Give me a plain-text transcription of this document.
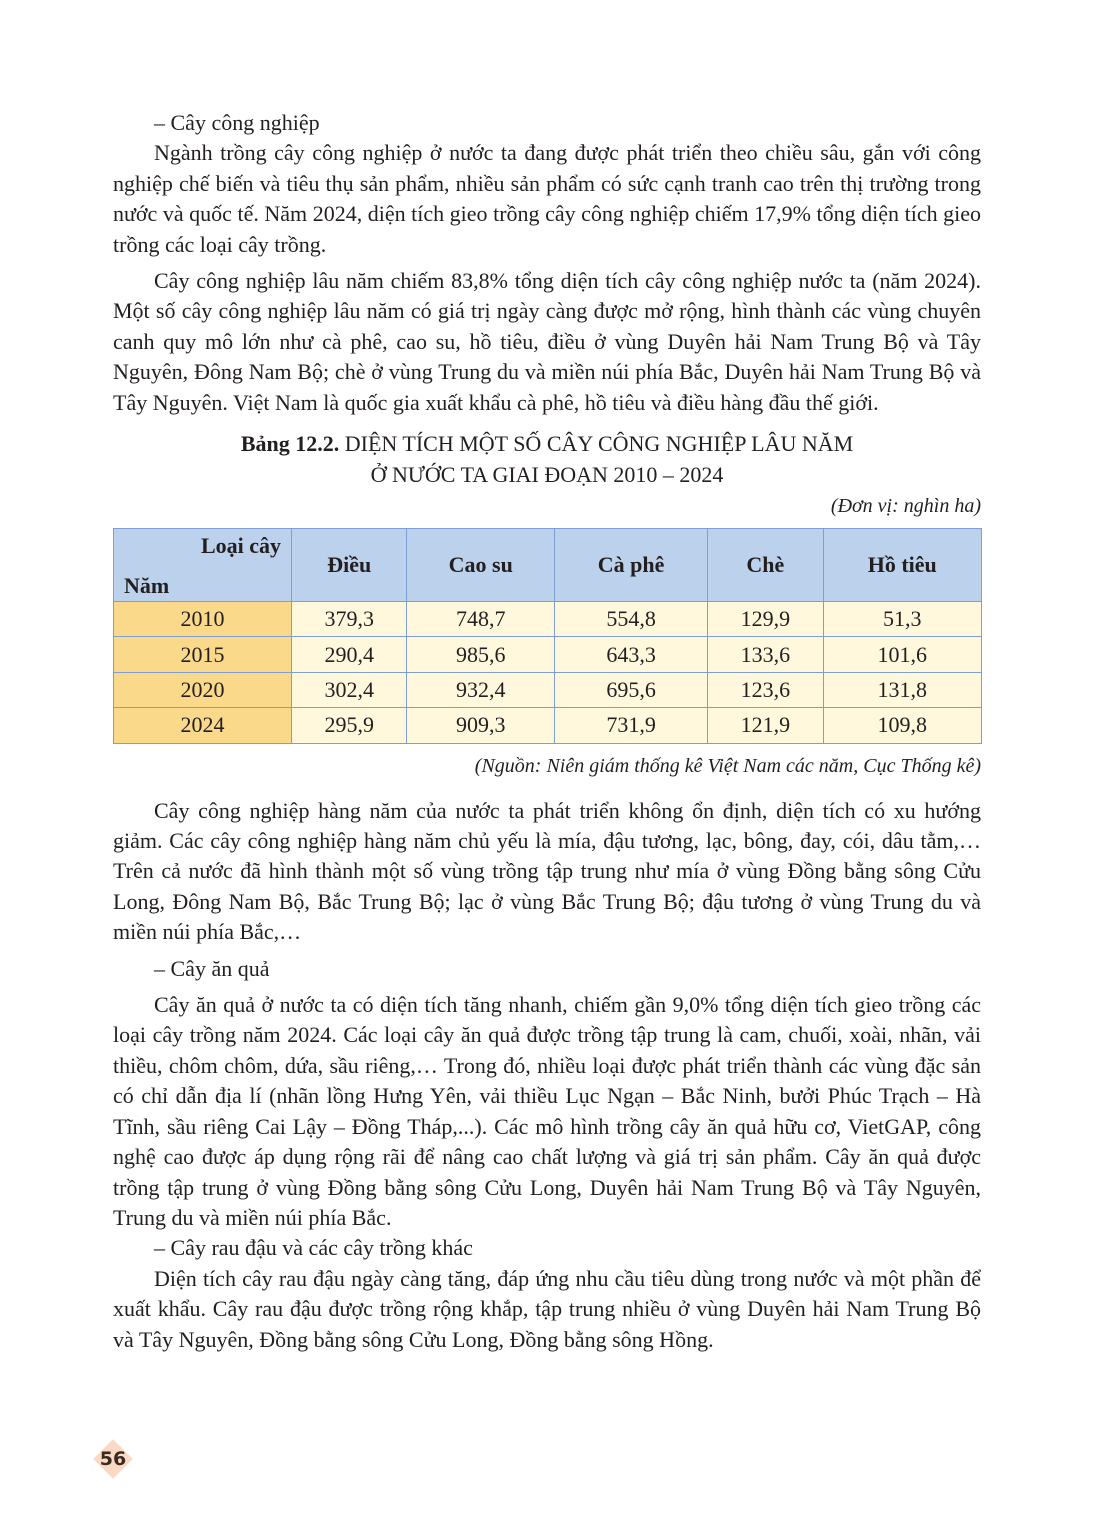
– Cây công nghiệp

Ngành trồng cây công nghiệp ở nước ta đang được phát triển theo chiều sâu, gắn với công nghiệp chế biến và tiêu thụ sản phẩm, nhiều sản phẩm có sức cạnh tranh cao trên thị trường trong nước và quốc tế. Năm 2024, diện tích gieo trồng cây công nghiệp chiếm 17,9% tổng diện tích gieo trồng các loại cây trồng.

Cây công nghiệp lâu năm chiếm 83,8% tổng diện tích cây công nghiệp nước ta (năm 2024). Một số cây công nghiệp lâu năm có giá trị ngày càng được mở rộng, hình thành các vùng chuyên canh quy mô lớn như cà phê, cao su, hồ tiêu, điều ở vùng Duyên hải Nam Trung Bộ và Tây Nguyên, Đông Nam Bộ; chè ở vùng Trung du và miền núi phía Bắc, Duyên hải Nam Trung Bộ và Tây Nguyên. Việt Nam là quốc gia xuất khẩu cà phê, hồ tiêu và điều hàng đầu thế giới.

Bảng 12.2. DIỆN TÍCH MỘT SỐ CÂY CÔNG NGHIỆP LÂU NĂM
Ở NƯỚC TA GIAI ĐOẠN 2010 – 2024
(Đơn vị: nghìn ha)
Loại cây
Năm	Điều	Cao su	Cà phê	Chè	Hồ tiêu
2010	379,3	748,7	554,8	129,9	51,3
2015	290,4	985,6	643,3	133,6	101,6
2020	302,4	932,4	695,6	123,6	131,8
2024	295,9	909,3	731,9	121,9	109,8
(Nguồn: Niên giám thống kê Việt Nam các năm, Cục Thống kê)

Cây công nghiệp hàng năm của nước ta phát triển không ổn định, diện tích có xu hướng giảm. Các cây công nghiệp hàng năm chủ yếu là mía, đậu tương, lạc, bông, đay, cói, dâu tằm,… Trên cả nước đã hình thành một số vùng trồng tập trung như mía ở vùng Đồng bằng sông Cửu Long, Đông Nam Bộ, Bắc Trung Bộ; lạc ở vùng Bắc Trung Bộ; đậu tương ở vùng Trung du và miền núi phía Bắc,…

– Cây ăn quả

Cây ăn quả ở nước ta có diện tích tăng nhanh, chiếm gần 9,0% tổng diện tích gieo trồng các loại cây trồng năm 2024. Các loại cây ăn quả được trồng tập trung là cam, chuối, xoài, nhãn, vải thiều, chôm chôm, dứa, sầu riêng,… Trong đó, nhiều loại được phát triển thành các vùng đặc sản có chỉ dẫn địa lí (nhãn lồng Hưng Yên, vải thiều Lục Ngạn – Bắc Ninh, bưởi Phúc Trạch – Hà Tĩnh, sầu riêng Cai Lậy – Đồng Tháp,...). Các mô hình trồng cây ăn quả hữu cơ, VietGAP, công nghệ cao được áp dụng rộng rãi để nâng cao chất lượng và giá trị sản phẩm. Cây ăn quả được trồng tập trung ở vùng Đồng bằng sông Cửu Long, Duyên hải Nam Trung Bộ và Tây Nguyên, Trung du và miền núi phía Bắc.

– Cây rau đậu và các cây trồng khác

Diện tích cây rau đậu ngày càng tăng, đáp ứng nhu cầu tiêu dùng trong nước và một phần để xuất khẩu. Cây rau đậu được trồng rộng khắp, tập trung nhiều ở vùng Duyên hải Nam Trung Bộ và Tây Nguyên, Đồng bằng sông Cửu Long, Đồng bằng sông Hồng.

56
